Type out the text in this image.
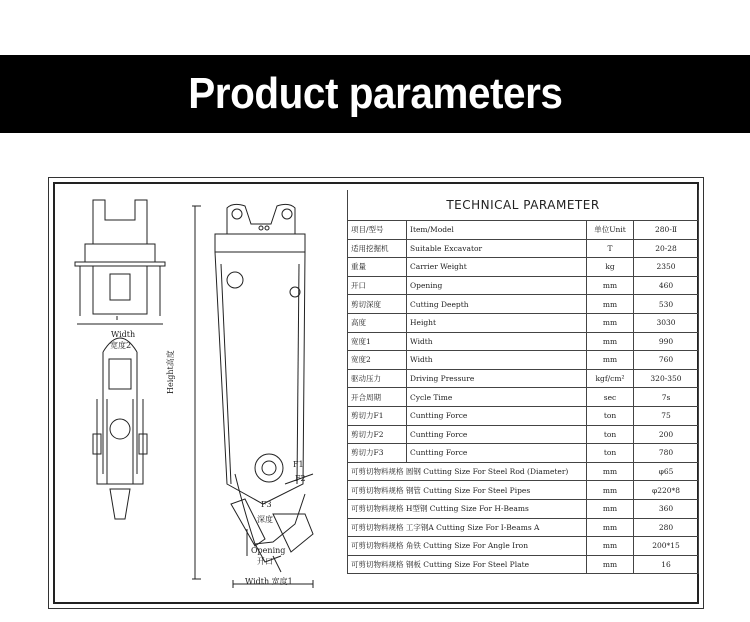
Product parameters
Width
宽度2
Height高度
Opening
开口
Width 宽度1
F1
F2
F3
深度
TECHNICAL PARAMETER			
项目/型号	Item/Model	单位Unit	280-Ⅱ
适用挖掘机	Suitable Excavator	T	20-28
重量	Carrier Weight	kg	2350
开口	Opening	mm	460
剪切深度	Cutting Deepth	mm	530
高度	Height	mm	3030
宽度1	Width	mm	990
宽度2	Width	mm	760
驱动压力	Driving Pressure	kgf/cm²	320-350
开合周期	Cycle Time	sec	7s
剪切力F1	Cuntting Force	ton	75
剪切力F2	Cuntting Force	ton	200
剪切力F3	Cuntting Force	ton	780
可剪切物料规格 圆钢 Cutting Size For Steel Rod (Diameter)		mm	φ65
可剪切物料规格 钢管 Cutting Size For Steel Pipes		mm	φ220*8
可剪切物料规格 H型钢 Cutting Size For H-Beams		mm	360
可剪切物料规格 工字钢A Cutting Size For I-Beams A		mm	280
可剪切物料规格 角铁 Cutting Size For Angle Iron		mm	200*15
可剪切物料规格 钢板 Cutting Size For Steel Plate		mm	16
